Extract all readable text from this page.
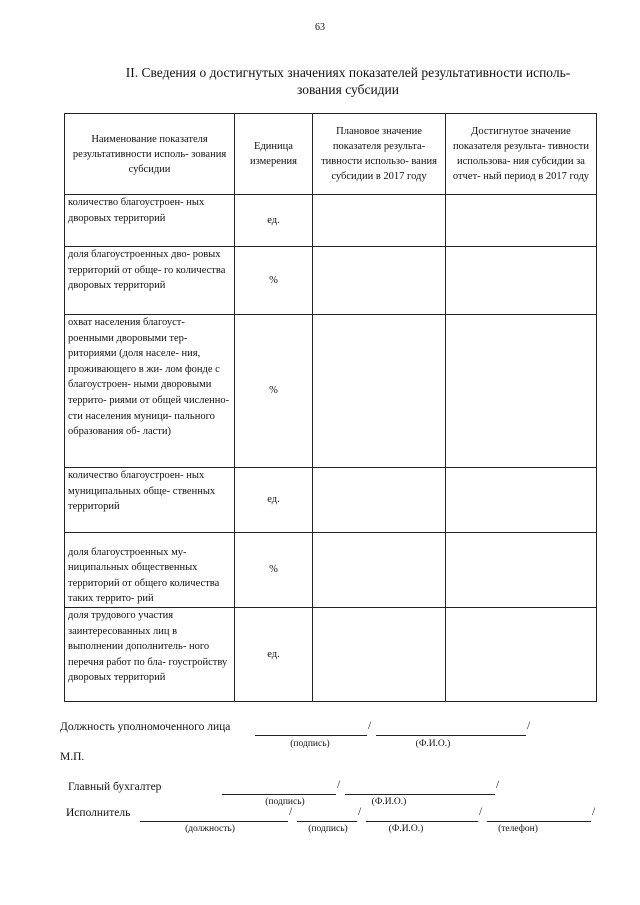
63
II. Сведения о достигнутых значениях показателей результативности исполь-
зования субсидии
Наименование показателя результативности исполь- зования субсидии	Единица измерения	Плановое значение показателя результа- тивности использо- вания субсидии в 2017 году	Достигнутое значение показателя результа- тивности использова- ния субсидии за отчет- ный период в 2017 году
количество благоустроен- ных дворовых территорий	ед.		
доля благоустроенных дво- ровых территорий от обще- го количества дворовых территорий	%		
охват населения благоуст- роенными дворовыми тер- риториями (доля населе- ния, проживающего в жи- лом фонде с благоустроен- ными дворовыми террито- риями от общей численно- сти населения муници- пального образования об- ласти)	%		
количество благоустроен- ных муниципальных обще- ственных территорий	ед.		
доля благоустроенных му- ниципальных общественных территорий от общего количества таких террито- рий	%		
доля трудового участия заинтересованных лиц в выполнении дополнитель- ного перечня работ по бла- гоустройству дворовых территорий	ед.		
Должность уполномоченного лица	/	/
(подпись)	(Ф.И.О.)
М.П.
Главный бухгалтер	/	/
(подпись)	(Ф.И.О.)
Исполнитель	/	/	/	/
(должность)	(подпись)	(Ф.И.О.)	(телефон)
